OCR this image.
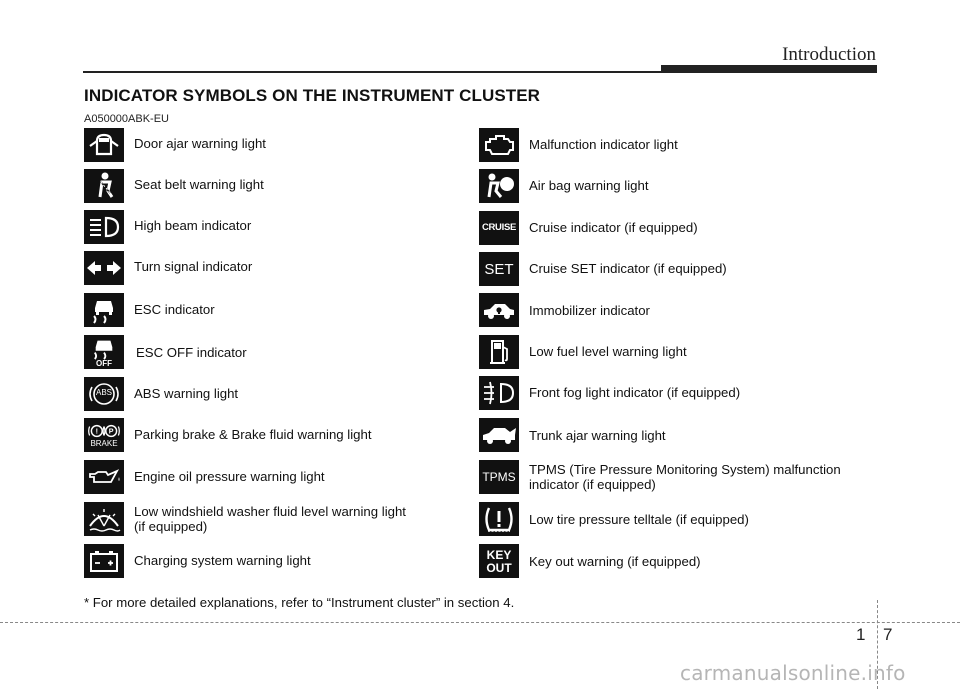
Introduction
INDICATOR SYMBOLS ON THE INSTRUMENT CLUSTER
A050000ABK-EU
Door ajar warning light
Seat belt warning light
High beam indicator
Turn signal indicator
ESC indicator
OFF
ESC OFF indicator
ABS	ABS warning light
! P
BRAKE
Parking brake & Brake fluid warning light
Engine oil pressure warning light
Low windshield washer fluid level warning light
(if equipped)
Charging system warning light
Malfunction indicator light
Air bag warning light
CRUISE Cruise indicator (if equipped)
SET Cruise SET indicator (if equipped)
Immobilizer indicator
Low fuel level warning light
Front fog light indicator (if equipped)
Trunk ajar warning light
TPMS TPMS (Tire Pressure Monitoring System) malfunction
indicator (if equipped)
Low tire pressure telltale (if equipped)
KEY
OUT Key out warning (if equipped)
* For more detailed explanations, refer to “Instrument cluster” in section 4.
1 7
carmanualsonline.info
